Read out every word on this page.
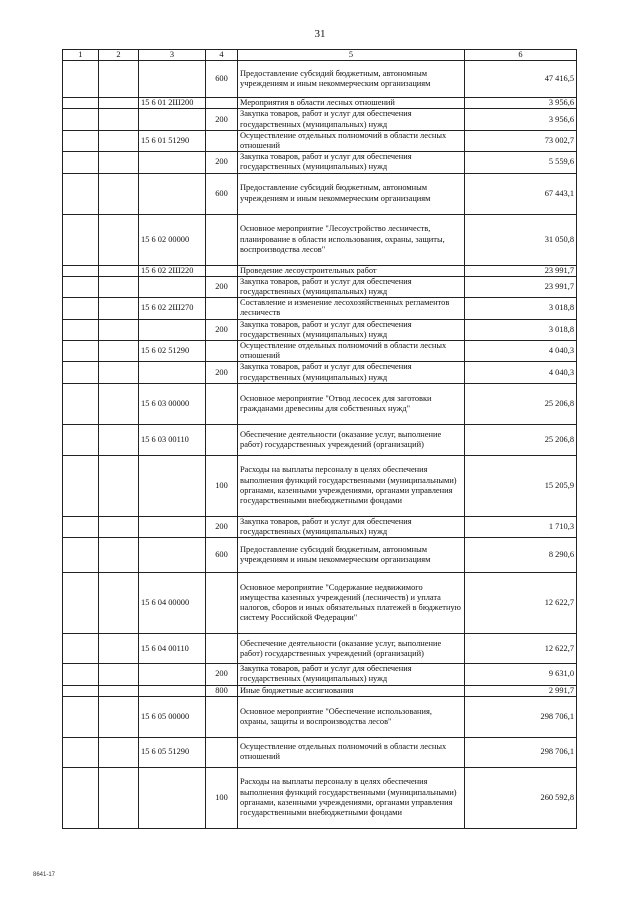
31
1	2	3	4	5	6
			600	Предоставление субсидий бюджетным, автономным учреждениям и иным некоммерческим организациям	47 416,5
		15 6 01 2Ш200		Мероприятия в области лесных отношений	3 956,6
			200	Закупка товаров, работ и услуг для обеспечения государственных (муниципальных) нужд	3 956,6
		15 6 01 51290		Осуществление отдельных полномочий в области лесных отношений	73 002,7
			200	Закупка товаров, работ и услуг для обеспечения государственных (муниципальных) нужд	5 559,6
			600	Предоставление субсидий бюджетным, автономным учреждениям и иным некоммерческим организациям	67 443,1
		15 6 02 00000		Основное мероприятие "Лесоустройство лесничеств, планирование в области использования, охраны, защиты, воспроизводства лесов"	31 050,8
		15 6 02 2Ш220		Проведение лесоустроительных работ	23 991,7
			200	Закупка товаров, работ и услуг для обеспечения государственных (муниципальных) нужд	23 991,7
		15 6 02 2Ш270		Составление и изменение лесохозяйственных регламентов лесничеств	3 018,8
			200	Закупка товаров, работ и услуг для обеспечения государственных (муниципальных) нужд	3 018,8
		15 6 02 51290		Осуществление отдельных полномочий в области лесных отношений	4 040,3
			200	Закупка товаров, работ и услуг для обеспечения государственных (муниципальных) нужд	4 040,3
		15 6 03 00000		Основное мероприятие "Отвод лесосек для заготовки гражданами древесины для собственных нужд"	25 206,8
		15 6 03 00110		Обеспечение деятельности (оказание услуг, выполнение работ) государственных учреждений (организаций)	25 206,8
			100	Расходы на выплаты персоналу в целях обеспечения выполнения функций государственными (муниципальными) органами, казенными учреждениями, органами управления государственными внебюджетными фондами	15 205,9
			200	Закупка товаров, работ и услуг для обеспечения государственных (муниципальных) нужд	1 710,3
			600	Предоставление субсидий бюджетным, автономным учреждениям и иным некоммерческим организациям	8 290,6
		15 6 04 00000		Основное мероприятие "Содержание недвижимого имущества казенных учреждений (лесничеств) и уплата налогов, сборов и иных обязательных платежей в бюджетную систему Российской Федерации"	12 622,7
		15 6 04 00110		Обеспечение деятельности (оказание услуг, выполнение работ) государственных учреждений (организаций)	12 622,7
			200	Закупка товаров, работ и услуг для обеспечения государственных (муниципальных) нужд	9 631,0
			800	Иные бюджетные ассигнования	2 991,7
		15 6 05 00000		Основное мероприятие "Обеспечение использования, охраны, защиты и воспроизводства лесов"	298 706,1
		15 6 05 51290		Осуществление отдельных полномочий в области лесных отношений	298 706,1
			100	Расходы на выплаты персоналу в целях обеспечения выполнения функций государственными (муниципальными) органами, казенными учреждениями, органами управления государственными внебюджетными фондами	260 592,8
8641-17
